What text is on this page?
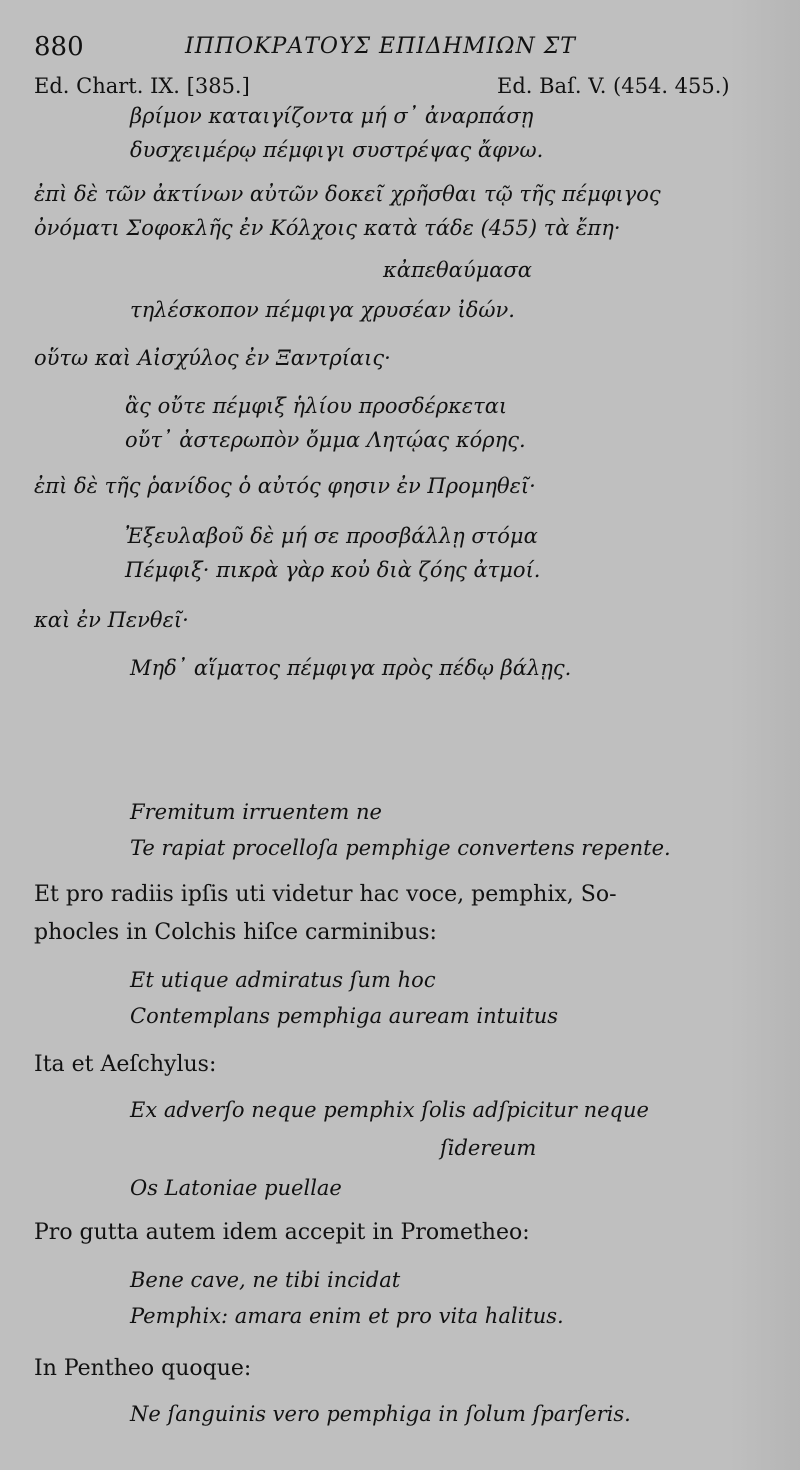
880	ΙΠΠΟΚΡΑΤΟΥΣ ΕΠΙΔΗΜΙΩΝ ΣΤ
Ed. Chart. IX. [385.]	Ed. Baſ. V. (454. 455.)
βρίμον καταιγίζοντα μή σ᾽ ἀναρπάσῃ
δυσχειμέρῳ πέμφιγι συστρέψας ἄφνω.
ἐπὶ δὲ τῶν ἀκτίνων αὐτῶν δοκεῖ χρῆσθαι τῷ τῆς πέμφιγος
ὀνόματι Σοφοκλῆς ἐν Κόλχοις κατὰ τάδε (455) τὰ ἔπη·
κἀπεθαύμασα
τηλέσκοπον πέμφιγα χρυσέαν ἰδών.
οὕτω καὶ Αἰσχύλος ἐν Ξαντρίαις·
ἃς οὔτε πέμφιξ ἡλίου προσδέρκεται
οὔτ᾽ ἀστερωπὸν ὄμμα Λητῴας κόρης.
ἐπὶ δὲ τῆς ῥανίδος ὁ αὐτός φησιν ἐν Προμηθεῖ·
Ἐξευλαβοῦ δὲ μή σε προσβάλλῃ στόμα
Πέμφιξ· πικρὰ γὰρ κοὐ διὰ ζόης ἀτμοί.
καὶ ἐν Πενθεῖ·
Μηδ᾽ αἵματος πέμφιγα πρὸς πέδῳ βάλῃς.
Fremitum irruentem ne
Te rapiat procelloſa pemphige convertens repente.
Et pro radiis ipſis uti videtur hac voce, pemphix, So-
phocles in Colchis hiſce carminibus:
Et utique admiratus ſum hoc
Contemplans pemphiga auream intuitus
Ita et Aeſchylus:
Ex adverſo neque pemphix ſolis adſpicitur neque
ſidereum
Os Latoniae puellae
Pro gutta autem idem accepit in Prometheo:
Bene cave, ne tibi incidat
Pemphix: amara enim et pro vita halitus.
In Pentheo quoque:
Ne ſanguinis vero pemphiga in ſolum ſparſeris.
